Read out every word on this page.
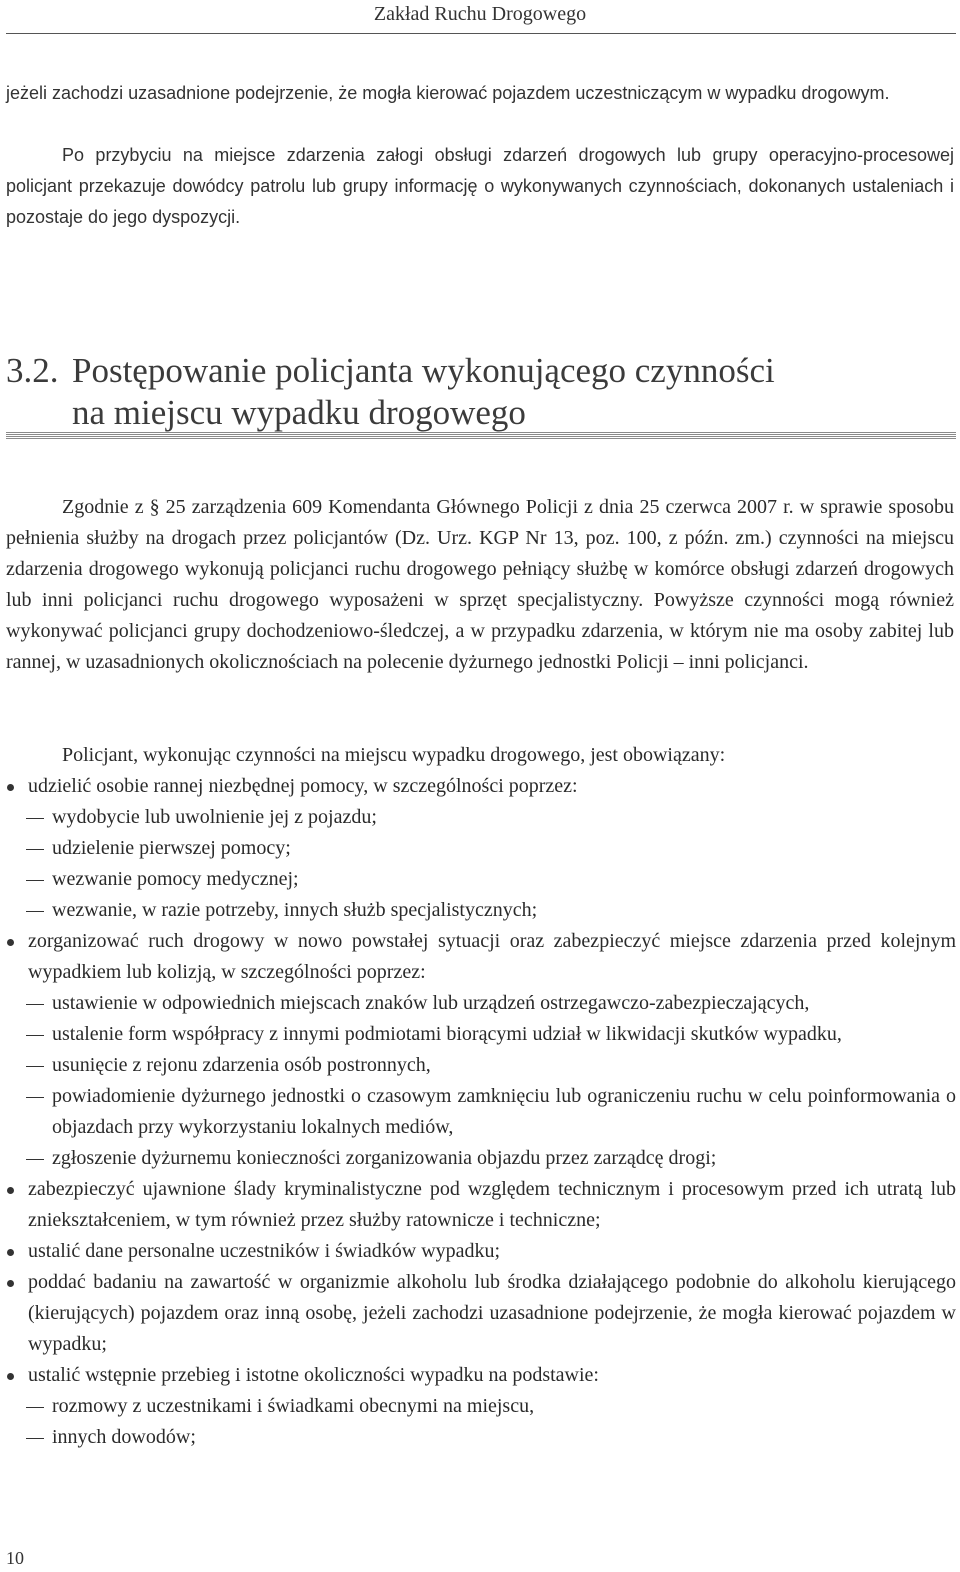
Zakład Ruchu Drogowego

jeżeli zachodzi uzasadnione podejrzenie, że mogła kierować pojazdem uczestniczącym w wypadku drogowym.

Po przybyciu na miejsce zdarzenia załogi obsługi zdarzeń drogowych lub grupy operacyjno-procesowej policjant przekazuje dowódcy patrolu lub grupy informację o wykonywanych czynnościach, dokonanych ustaleniach i pozostaje do jego dyspozycji.

3.2. Postępowanie policjanta wykonującego czynności
na miejscu wypadku drogowego

Zgodnie z § 25 zarządzenia 609 Komendanta Głównego Policji z dnia 25 czerwca 2007 r. w sprawie sposobu pełnienia służby na drogach przez policjantów (Dz. Urz. KGP Nr 13, poz. 100, z późn. zm.) czynności na miejscu zdarzenia drogowego wykonują policjanci ruchu drogowego pełniący służbę w komórce obsługi zdarzeń drogowych lub inni policjanci ruchu drogowego wyposażeni w sprzęt specjalistyczny. Powyższe czynności mogą również wykonywać policjanci grupy dochodzeniowo-śledczej, a w przypadku zdarzenia, w którym nie ma osoby zabitej lub rannej, w uzasadnionych okolicznościach na polecenie dyżurnego jednostki Policji – inni policjanci.

Policjant, wykonując czynności na miejscu wypadku drogowego, jest obowiązany:

udzielić osobie rannej niezbędnej pomocy, w szczególności poprzez:
wydobycie lub uwolnienie jej z pojazdu;
udzielenie pierwszej pomocy;
wezwanie pomocy medycznej;
wezwanie, w razie potrzeby, innych służb specjalistycznych;
zorganizować ruch drogowy w nowo powstałej sytuacji oraz zabezpieczyć miejsce zdarzenia przed kolejnym wypadkiem lub kolizją, w szczególności poprzez:
ustawienie w odpowiednich miejscach znaków lub urządzeń ostrzegawczo-zabezpieczających,
ustalenie form współpracy z innymi podmiotami biorącymi udział w likwidacji skutków wypadku,
usunięcie z rejonu zdarzenia osób postronnych,
powiadomienie dyżurnego jednostki o czasowym zamknięciu lub ograniczeniu ruchu w celu poinformowania o objazdach przy wykorzystaniu lokalnych mediów,
zgłoszenie dyżurnemu konieczności zorganizowania objazdu przez zarządcę drogi;
zabezpieczyć ujawnione ślady kryminalistyczne pod względem technicznym i procesowym przed ich utratą lub zniekształceniem, w tym również przez służby ratownicze i techniczne;
ustalić dane personalne uczestników i świadków wypadku;
poddać badaniu na zawartość w organizmie alkoholu lub środka działającego podobnie do alkoholu kierującego (kierujących) pojazdem oraz inną osobę, jeżeli zachodzi uzasadnione podejrzenie, że mogła kierować pojazdem w wypadku;
ustalić wstępnie przebieg i istotne okoliczności wypadku na podstawie:
rozmowy z uczestnikami i świadkami obecnymi na miejscu,
innych dowodów;
10
